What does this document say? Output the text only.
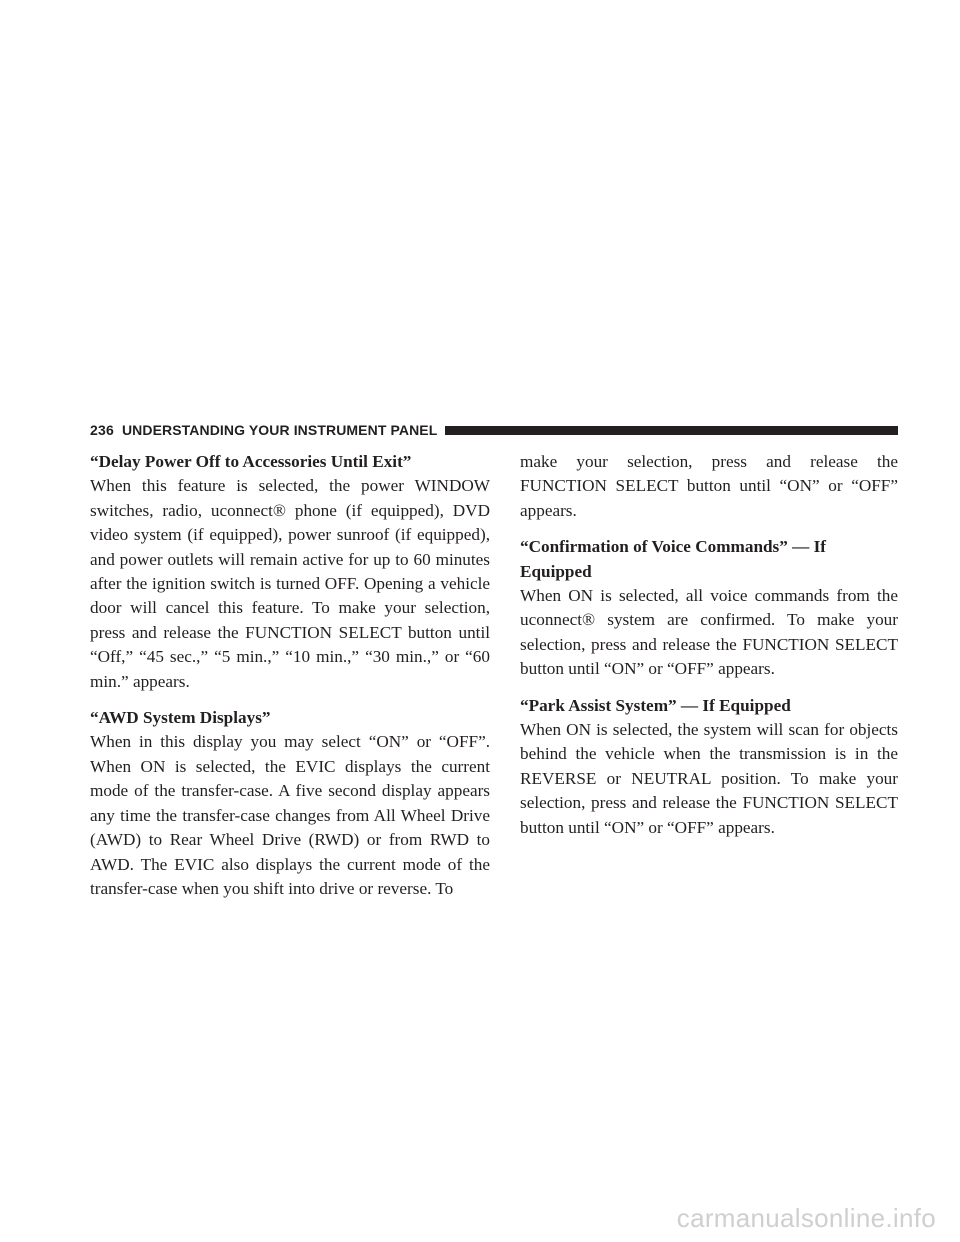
236 UNDERSTANDING YOUR INSTRUMENT PANEL

“Delay Power Off to Accessories Until Exit”

When this feature is selected, the power WINDOW switches, radio, uconnect® phone (if equipped), DVD video system (if equipped), power sunroof (if equipped), and power outlets will remain active for up to 60 minutes after the ignition switch is turned OFF. Opening a vehicle door will cancel this feature. To make your selection, press and release the FUNCTION SELECT button until “Off,” “45 sec.,” “5 min.,” “10 min.,” “30 min.,” or “60 min.” appears.

“AWD System Displays”

When in this display you may select “ON” or “OFF”. When ON is selected, the EVIC displays the current mode of the transfer-case. A five second display appears any time the transfer-case changes from All Wheel Drive (AWD) to Rear Wheel Drive (RWD) or from RWD to AWD. The EVIC also displays the current mode of the transfer-case when you shift into drive or reverse. To

make your selection, press and release the FUNCTION SELECT button until “ON” or “OFF” appears.

“Confirmation of Voice Commands” — If Equipped

When ON is selected, all voice commands from the uconnect® system are confirmed. To make your selection, press and release the FUNCTION SELECT button until “ON” or “OFF” appears.

“Park Assist System” — If Equipped

When ON is selected, the system will scan for objects behind the vehicle when the transmission is in the REVERSE or NEUTRAL position. To make your selection, press and release the FUNCTION SELECT button until “ON” or “OFF” appears.

carmanualsonline.info
